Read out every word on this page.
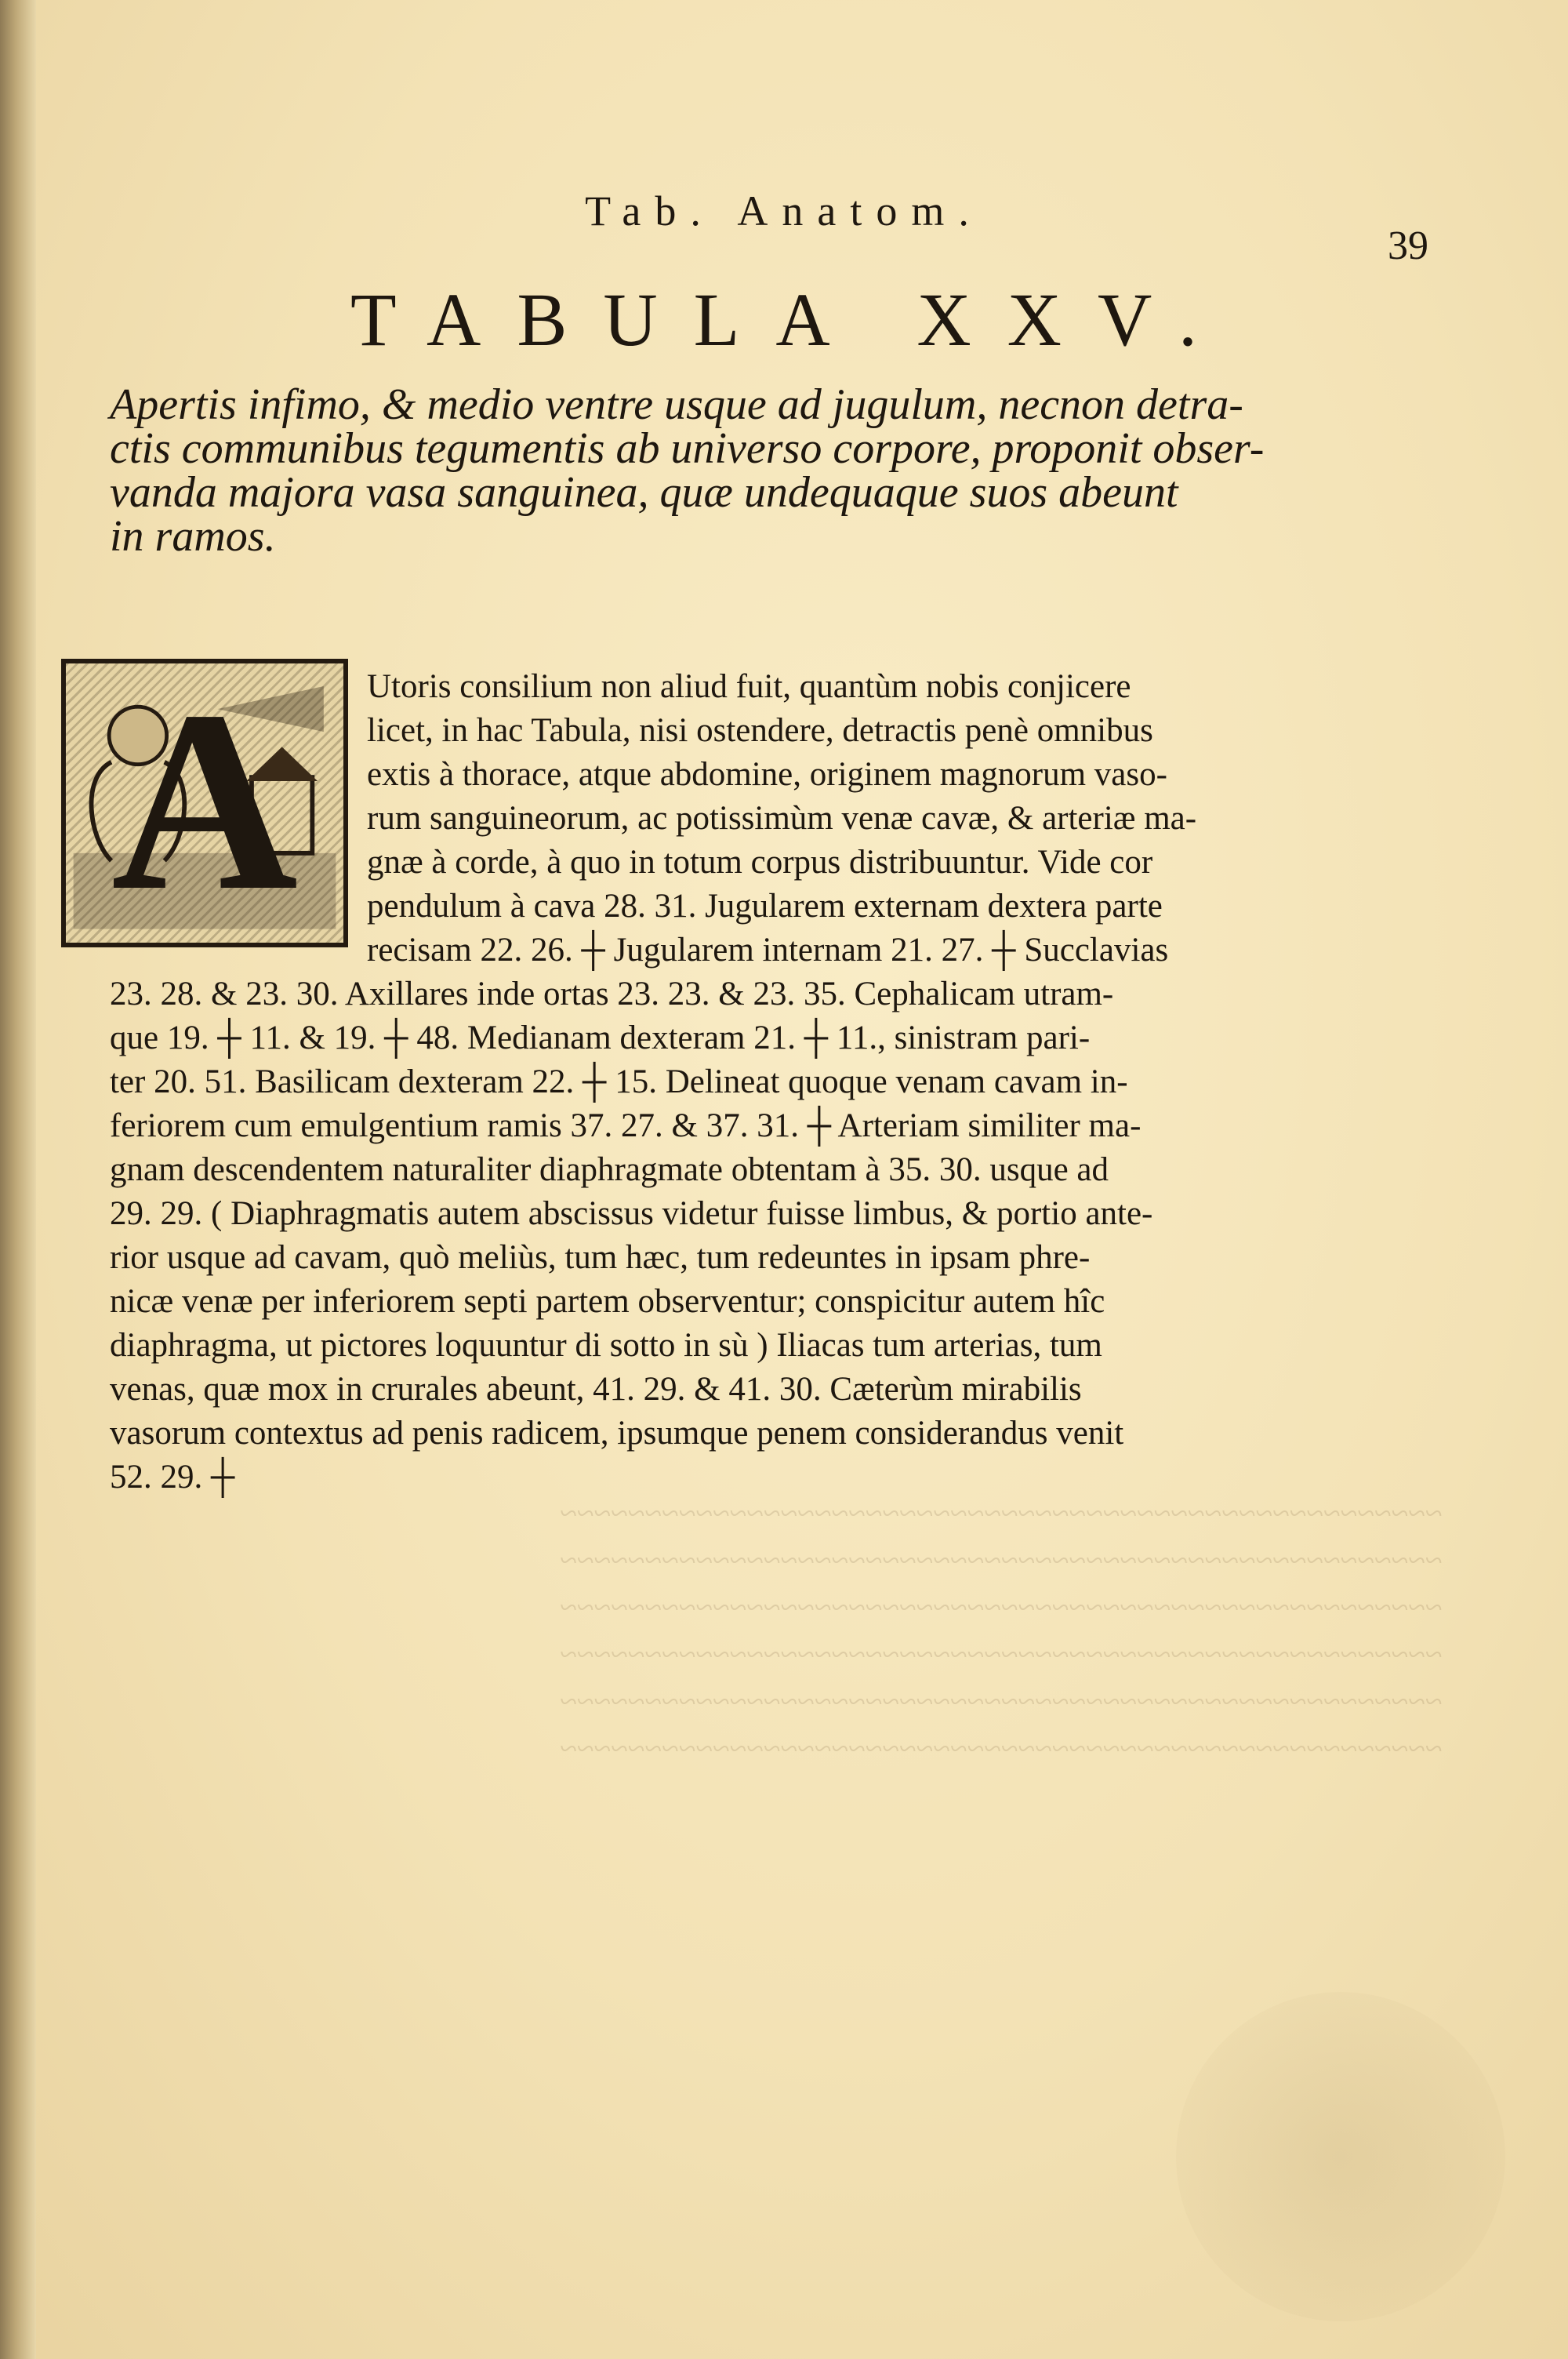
~~~~~~~~~~~~~~~~~~~~~~~~~~~~~~~~~~~~~~~~~~~~~~~~~~~~
~~~~~~~~~~~~~~~~~~~~~~~~~~~~~~~~~~~~~~~~~~~~~~~~~~~~
~~~~~~~~~~~~~~~~~~~~~~~~~~~~~~~~~~~~~~~~~~~~~~~~~~~~
~~~~~~~~~~~~~~~~~~~~~~~~~~~~~~~~~~~~~~~~~~~~~~~~~~~~
~~~~~~~~~~~~~~~~~~~~~~~~~~~~~~~~~~~~~~~~~~~~~~~~~~~~
~~~~~~~~~~~~~~~~~~~~~~~~~~~~~~~~~~~~~~~~~~~~~~~~~~~~
Tab. Anatom.
39
TABULA XXV.

Apertis infimo, & medio ventre usque ad jugulum, necnon detra-

ctis communibus tegumentis ab universo corpore, proponit obser-

vanda majora vasa sanguinea, quæ undequaque suos abeunt

in ramos.

A	Utoris consilium non aliud fuit, quantùm nobis conjicere
licet, in hac Tabula, nisi ostendere, detractis penè omnibus
extis à thorace, atque abdomine, originem magnorum vaso-
rum sanguineorum, ac potissimùm venæ cavæ, & arteriæ ma-
gnæ à corde, à quo in totum corpus distribuuntur. Vide cor
pendulum à cava 28. 31. Jugularem externam dextera parte
recisam 22. 26. ┼ Jugularem internam 21. 27. ┼ Succlavias
23. 28. & 23. 30. Axillares inde ortas 23. 23. & 23. 35. Cephalicam utram-
que 19. ┼ 11. & 19. ┼ 48. Medianam dexteram 21. ┼ 11., sinistram pari-
ter 20. 51. Basilicam dexteram 22. ┼ 15. Delineat quoque venam cavam in-
feriorem cum emulgentium ramis 37. 27. & 37. 31. ┼ Arteriam similiter ma-
gnam descendentem naturaliter diaphragmate obtentam à 35. 30. usque ad
29. 29. ( Diaphragmatis autem abscissus videtur fuisse limbus, & portio ante-
rior usque ad cavam, quò meliùs, tum hæc, tum redeuntes in ipsam phre-
nicæ venæ per inferiorem septi partem observentur; conspicitur autem hîc
diaphragma, ut pictores loquuntur di sotto in sù ) Iliacas tum arterias, tum
venas, quæ mox in crurales abeunt, 41. 29. & 41. 30. Cæterùm mirabilis
vasorum contextus ad penis radicem, ipsumque penem considerandus venit
52. 29. ┼
